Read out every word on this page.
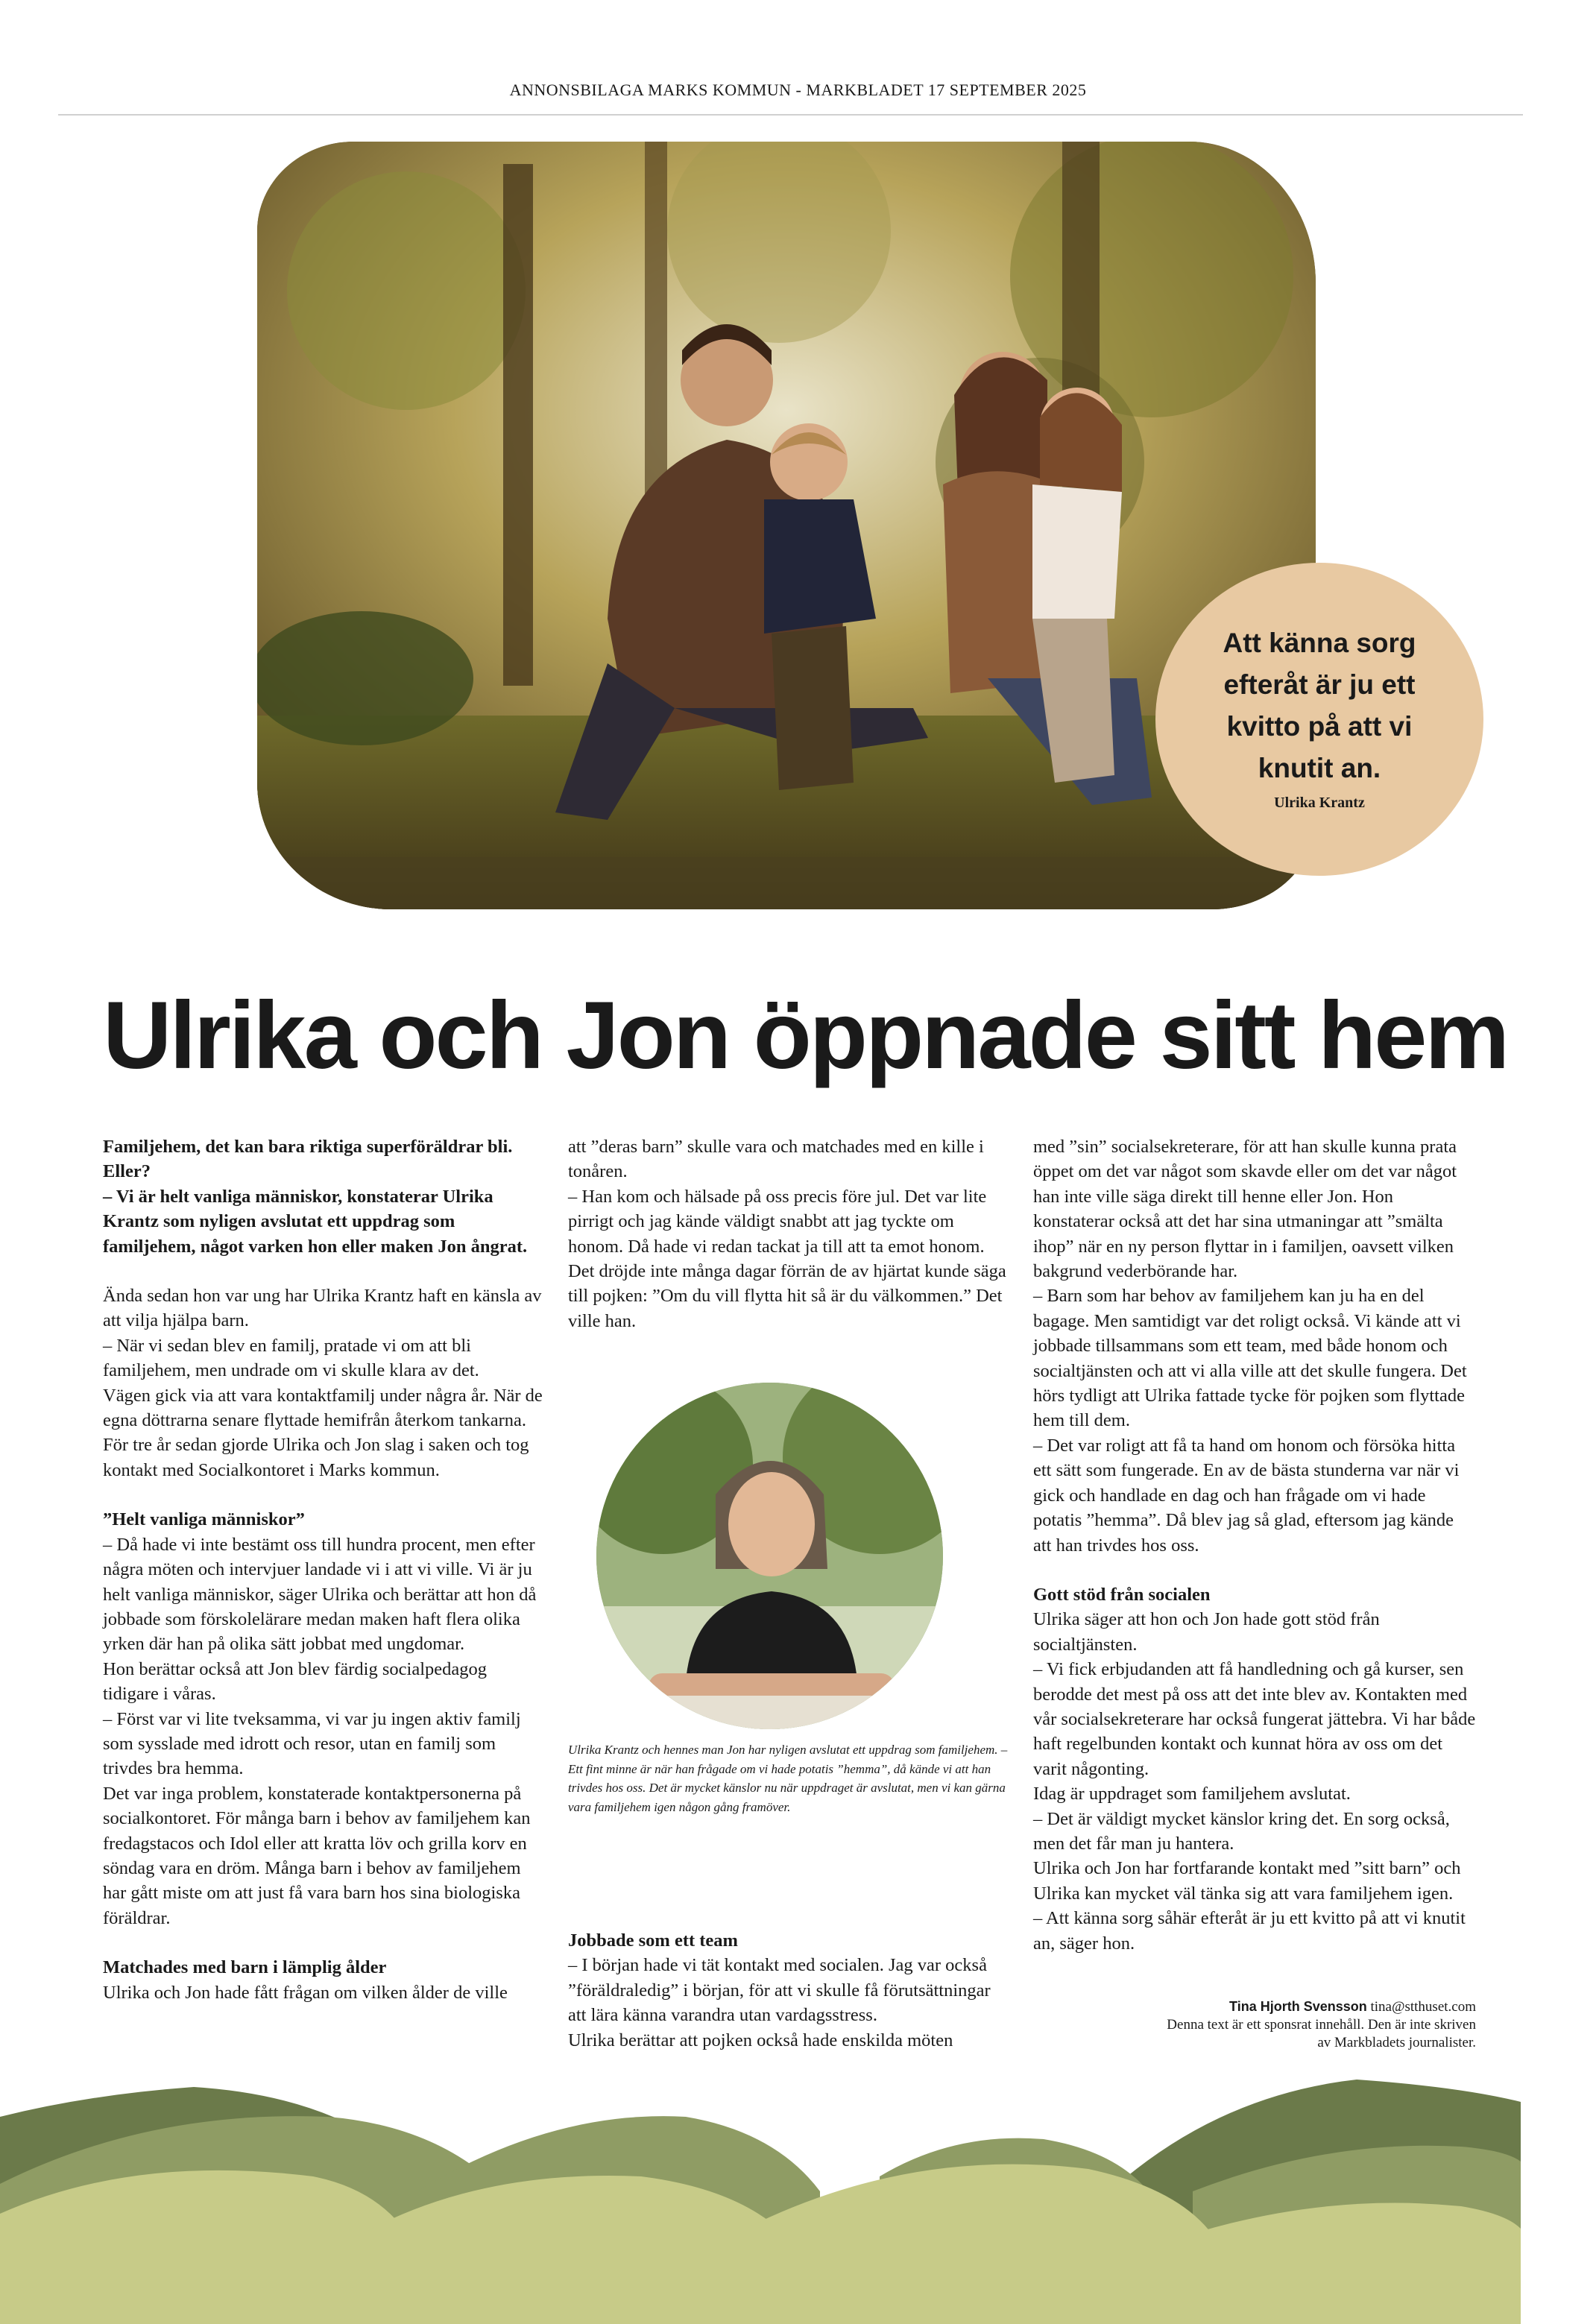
ANNONSBILAGA MARKS KOMMUN - MARKBLADET 17 SEPTEMBER 2025
Att känna sorg efteråt är ju ett kvitto på att vi knutit an.
Ulrika Krantz
Ulrika och Jon öppnade sitt hem

Familjehem, det kan bara riktiga superföräldrar bli. Eller?

– Vi är helt vanliga människor, konstaterar Ulrika Krantz som nyligen avslutat ett uppdrag som familjehem, något varken hon eller maken Jon ångrat.

Ända sedan hon var ung har Ulrika Krantz haft en känsla av att vilja hjälpa barn.

– När vi sedan blev en familj, pratade vi om att bli familjehem, men undrade om vi skulle klara av det.

Vägen gick via att vara kontaktfamilj under några år. När de egna döttrarna senare flyttade hemifrån återkom tankarna. För tre år sedan gjorde Ulrika och Jon slag i saken och tog kontakt med Socialkontoret i Marks kommun.

”Helt vanliga människor”

– Då hade vi inte bestämt oss till hundra procent, men efter några möten och intervjuer landade vi i att vi ville. Vi är ju helt vanliga människor, säger Ulrika och berättar att hon då jobbade som förskolelärare medan maken haft flera olika yrken där han på olika sätt jobbat med ungdomar.

Hon berättar också att Jon blev färdig socialpedagog tidigare i våras.

– Först var vi lite tveksamma, vi var ju ingen aktiv familj som sysslade med idrott och resor, utan en familj som trivdes bra hemma.

Det var inga problem, konstaterade kontaktpersonerna på socialkontoret. För många barn i behov av familjehem kan fredagstacos och Idol eller att kratta löv och grilla korv en söndag vara en dröm. Många barn i behov av familjehem har gått miste om att just få vara barn hos sina biologiska föräldrar.

Matchades med barn i lämplig ålder

Ulrika och Jon hade fått frågan om vilken ålder de ville

att ”deras barn” skulle vara och matchades med en kille i tonåren.

– Han kom och hälsade på oss precis före jul. Det var lite pirrigt och jag kände väldigt snabbt att jag tyckte om honom. Då hade vi redan tackat ja till att ta emot honom. Det dröjde inte många dagar förrän de av hjärtat kunde säga till pojken: ”Om du vill flytta hit så är du välkommen.” Det ville han.

Ulrika Krantz och hennes man Jon har nyligen avslutat ett uppdrag som familjehem. – Ett fint minne är när han frågade om vi hade potatis ”hemma”, då kände vi att han trivdes hos oss. Det är mycket känslor nu när uppdraget är avslutat, men vi kan gärna vara familjehem igen någon gång framöver.

Jobbade som ett team

– I början hade vi tät kontakt med socialen. Jag var också ”föräldraledig” i början, för att vi skulle få förutsättningar att lära känna varandra utan vardagsstress.

Ulrika berättar att pojken också hade enskilda möten

med ”sin” socialsekreterare, för att han skulle kunna prata öppet om det var något som skavde eller om det var något han inte ville säga direkt till henne eller Jon. Hon konstaterar också att det har sina utmaningar att ”smälta ihop” när en ny person flyttar in i familjen, oavsett vilken bakgrund vederbörande har.

– Barn som har behov av familjehem kan ju ha en del bagage. Men samtidigt var det roligt också. Vi kände att vi jobbade tillsammans som ett team, med både honom och socialtjänsten och att vi alla ville att det skulle fungera. Det hörs tydligt att Ulrika fattade tycke för pojken som flyttade hem till dem.

– Det var roligt att få ta hand om honom och försöka hitta ett sätt som fungerade. En av de bästa stunderna var när vi gick och handlade en dag och han frågade om vi hade potatis ”hemma”. Då blev jag så glad, eftersom jag kände att han trivdes hos oss.

Gott stöd från socialen

Ulrika säger att hon och Jon hade gott stöd från socialtjänsten.

– Vi fick erbjudanden att få handledning och gå kurser, sen berodde det mest på oss att det inte blev av. Kontakten med vår socialsekreterare har också fungerat jättebra. Vi har både haft regelbunden kontakt och kunnat höra av oss om det varit någonting.

Idag är uppdraget som familjehem avslutat.

– Det är väldigt mycket känslor kring det. En sorg också, men det får man ju hantera.

Ulrika och Jon har fortfarande kontakt med ”sitt barn” och Ulrika kan mycket väl tänka sig att vara familjehem igen.

– Att känna sorg såhär efteråt är ju ett kvitto på att vi knutit an, säger hon.

Tina Hjorth Svensson tina@stthuset.com
Denna text är ett sponsrat innehåll. Den är inte skriven av Markbladets journalister.
